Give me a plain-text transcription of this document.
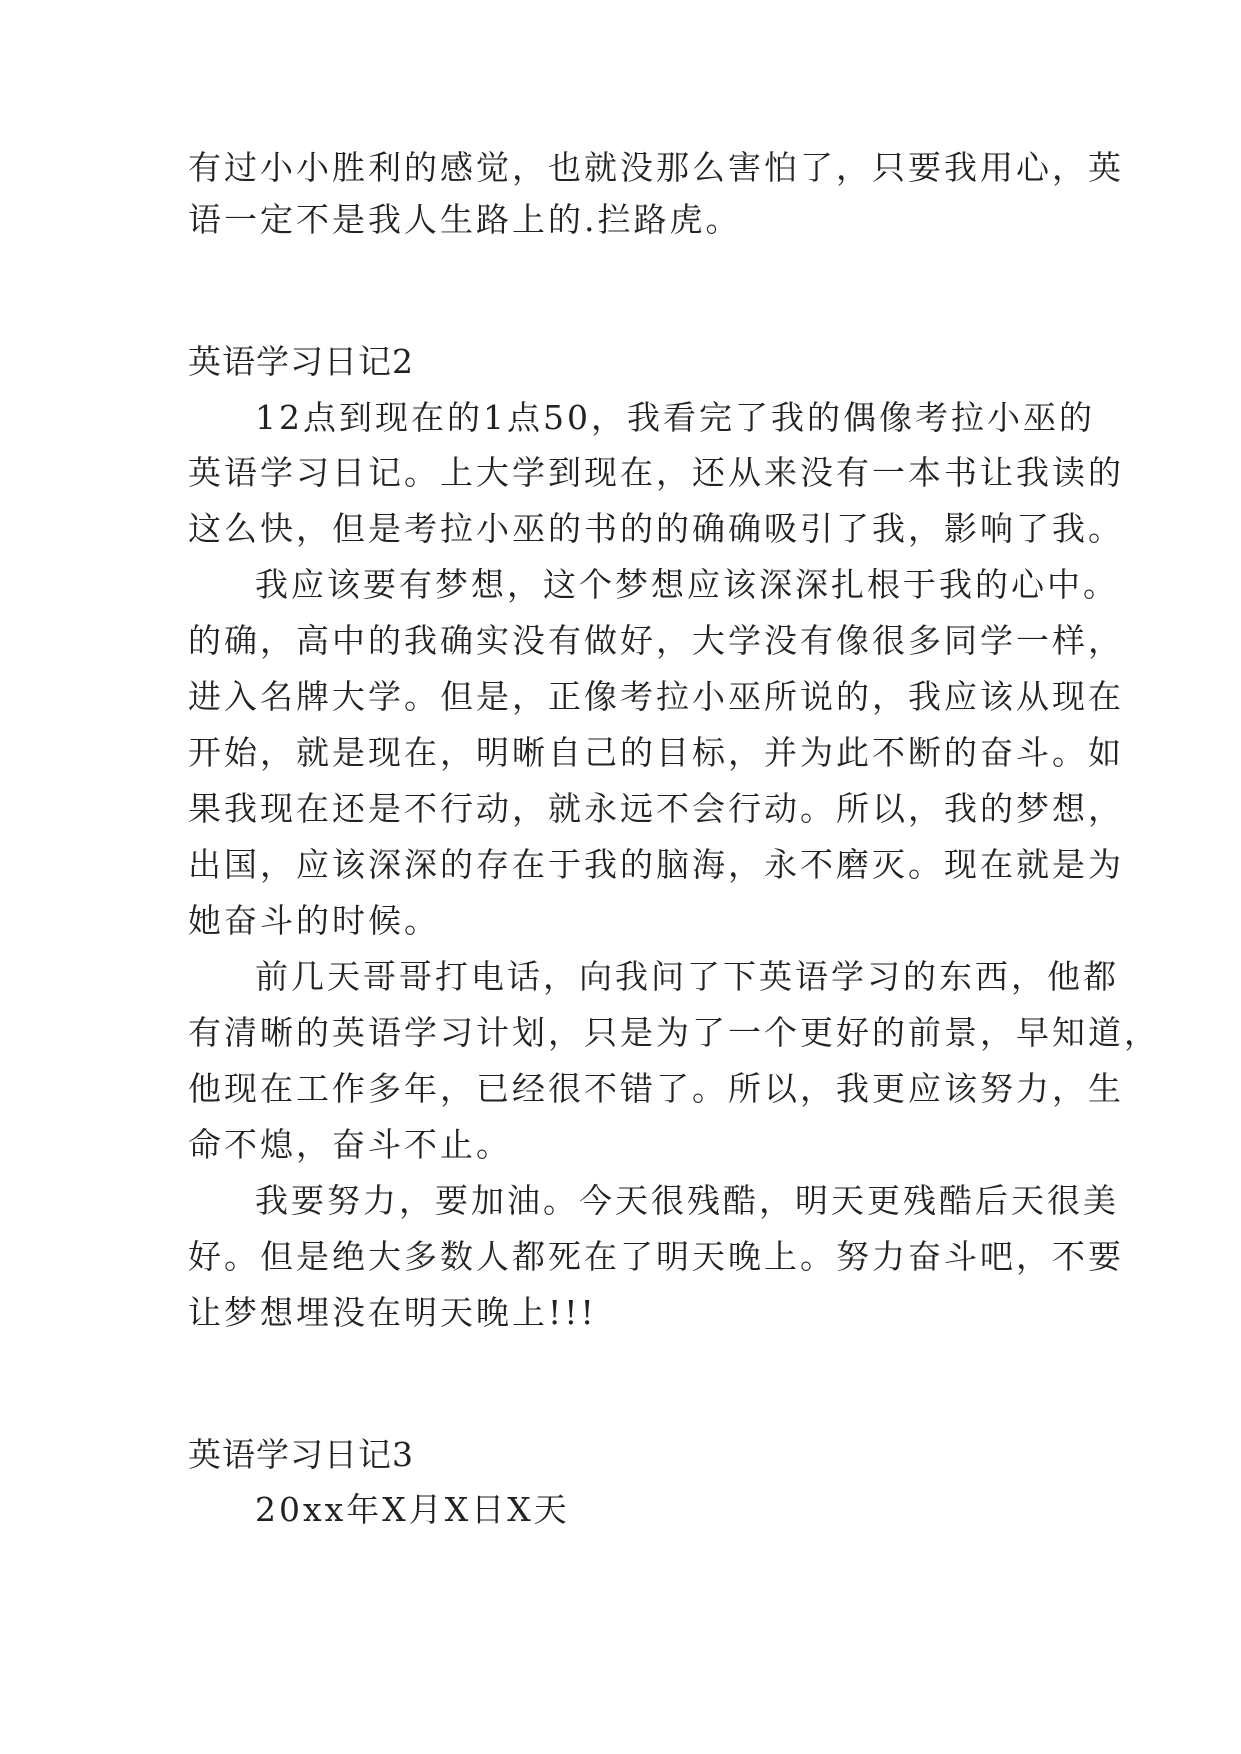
有过小小胜利的感觉，也就没那么害怕了，只要我用心，英
语一定不是我人生路上的.拦路虎。
英语学习日记2
12点到现在的1点50，我看完了我的偶像考拉小巫的
英语学习日记。上大学到现在，还从来没有一本书让我读的
这么快，但是考拉小巫的书的的确确吸引了我，影响了我。
我应该要有梦想，这个梦想应该深深扎根于我的心中。
的确，高中的我确实没有做好，大学没有像很多同学一样，
进入名牌大学。但是，正像考拉小巫所说的，我应该从现在
开始，就是现在，明晰自己的目标，并为此不断的奋斗。如
果我现在还是不行动，就永远不会行动。所以，我的梦想，
出国，应该深深的存在于我的脑海，永不磨灭。现在就是为
她奋斗的时候。
前几天哥哥打电话，向我问了下英语学习的东西，他都
有清晰的英语学习计划，只是为了一个更好的前景，早知道，
他现在工作多年，已经很不错了。所以，我更应该努力，生
命不熄，奋斗不止。
我要努力，要加油。今天很残酷，明天更残酷后天很美
好。但是绝大多数人都死在了明天晚上。努力奋斗吧，不要
让梦想埋没在明天晚上!!!
英语学习日记3
20xx年X月X日X天
